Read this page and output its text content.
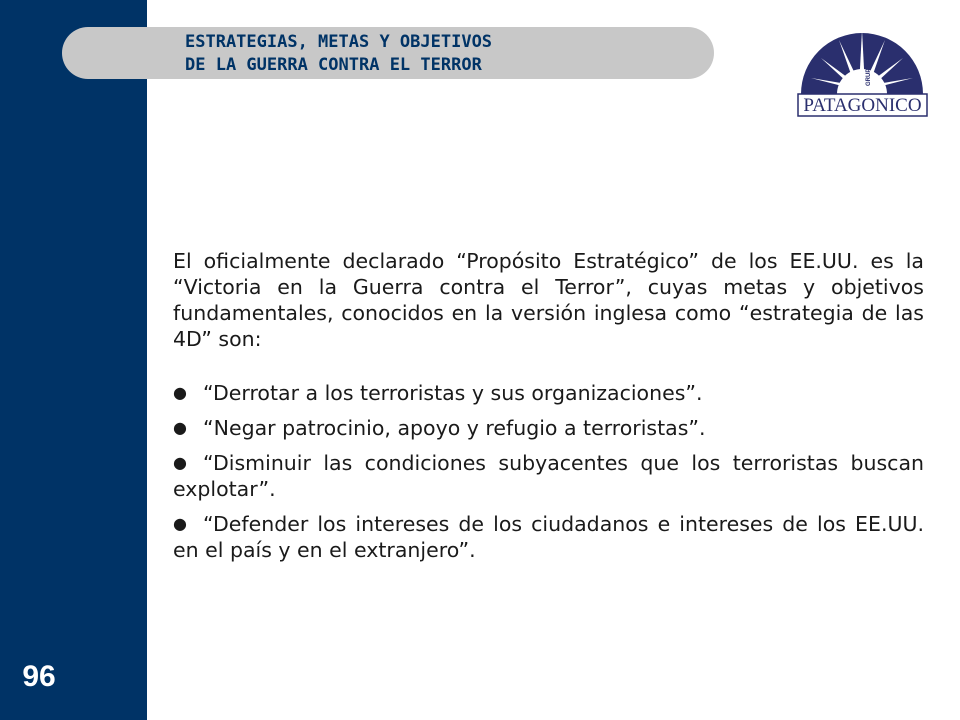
96
ESTRATEGIAS, METAS Y OBJETIVOS
DE LA GUERRA CONTRA EL TERROR	GRUPO
PATAGONICO

El oficialmente declarado “Propósito Estratégico” de los EE.UU. es la “Victoria en la Guerra contra el Terror”, cuyas metas y objetivos fundamentales, conocidos en la versión inglesa como “estrategia de las 4D” son:

● “Derrotar a los terroristas y sus organizaciones”.

● “Negar patrocinio, apoyo y refugio a terroristas”.

● “Disminuir las condiciones subyacentes que los terroristas buscan explotar”.

● “Defender los intereses de los ciudadanos e intereses de los EE.UU. en el país y en el extranjero”.
